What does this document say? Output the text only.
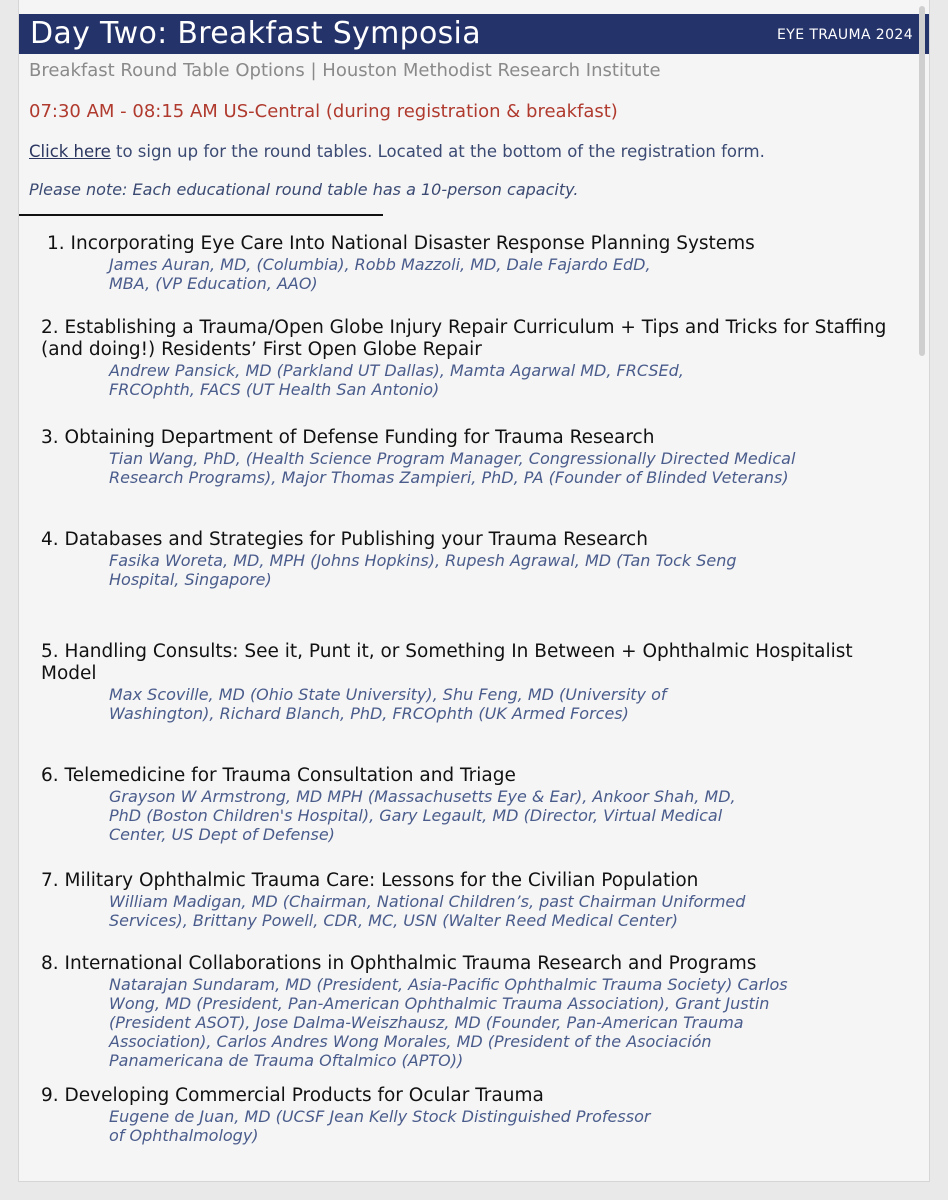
Day Two: Breakfast Symposia	EYE TRAUMA 2024
Breakfast Round Table Options | Houston Methodist Research Institute
07:30 AM - 08:15 AM US-Central (during registration & breakfast)
Click here to sign up for the round tables. Located at the bottom of the registration form.
Please note: Each educational round table has a 10-person capacity.
1. Incorporating Eye Care Into National Disaster Response Planning Systems
James Auran, MD, (Columbia), Robb Mazzoli, MD, Dale Fajardo EdD,
MBA, (VP Education, AAO)
2. Establishing a Trauma/Open Globe Injury Repair Curriculum + Tips and Tricks for Staffing (and doing!) Residents’ First Open Globe Repair
Andrew Pansick, MD (Parkland UT Dallas), Mamta Agarwal MD, FRCSEd,
FRCOphth, FACS (UT Health San Antonio)
3. Obtaining Department of Defense Funding for Trauma Research
Tian Wang, PhD, (Health Science Program Manager, Congressionally Directed Medical
Research Programs), Major Thomas Zampieri, PhD, PA (Founder of Blinded Veterans)
4. Databases and Strategies for Publishing your Trauma Research
Fasika Woreta, MD, MPH (Johns Hopkins), Rupesh Agrawal, MD (Tan Tock Seng
Hospital, Singapore)
5. Handling Consults: See it, Punt it, or Something In Between + Ophthalmic Hospitalist Model
Max Scoville, MD (Ohio State University), Shu Feng, MD (University of
Washington), Richard Blanch, PhD, FRCOphth (UK Armed Forces)
6. Telemedicine for Trauma Consultation and Triage
Grayson W Armstrong, MD MPH (Massachusetts Eye & Ear), Ankoor Shah, MD,
PhD (Boston Children's Hospital), Gary Legault, MD (Director, Virtual Medical
Center, US Dept of Defense)
7. Military Ophthalmic Trauma Care: Lessons for the Civilian Population
William Madigan, MD (Chairman, National Children’s, past Chairman Uniformed
Services), Brittany Powell, CDR, MC, USN (Walter Reed Medical Center)
8. International Collaborations in Ophthalmic Trauma Research and Programs
Natarajan Sundaram, MD (President, Asia-Pacific Ophthalmic Trauma Society) Carlos
Wong, MD (President, Pan-American Ophthalmic Trauma Association), Grant Justin
(President ASOT), Jose Dalma-Weiszhausz, MD (Founder, Pan-American Trauma
Association), Carlos Andres Wong Morales, MD (President of the Asociación
Panamericana de Trauma Oftalmico (APTO))
9. Developing Commercial Products for Ocular Trauma
Eugene de Juan, MD (UCSF Jean Kelly Stock Distinguished Professor
of Ophthalmology)
